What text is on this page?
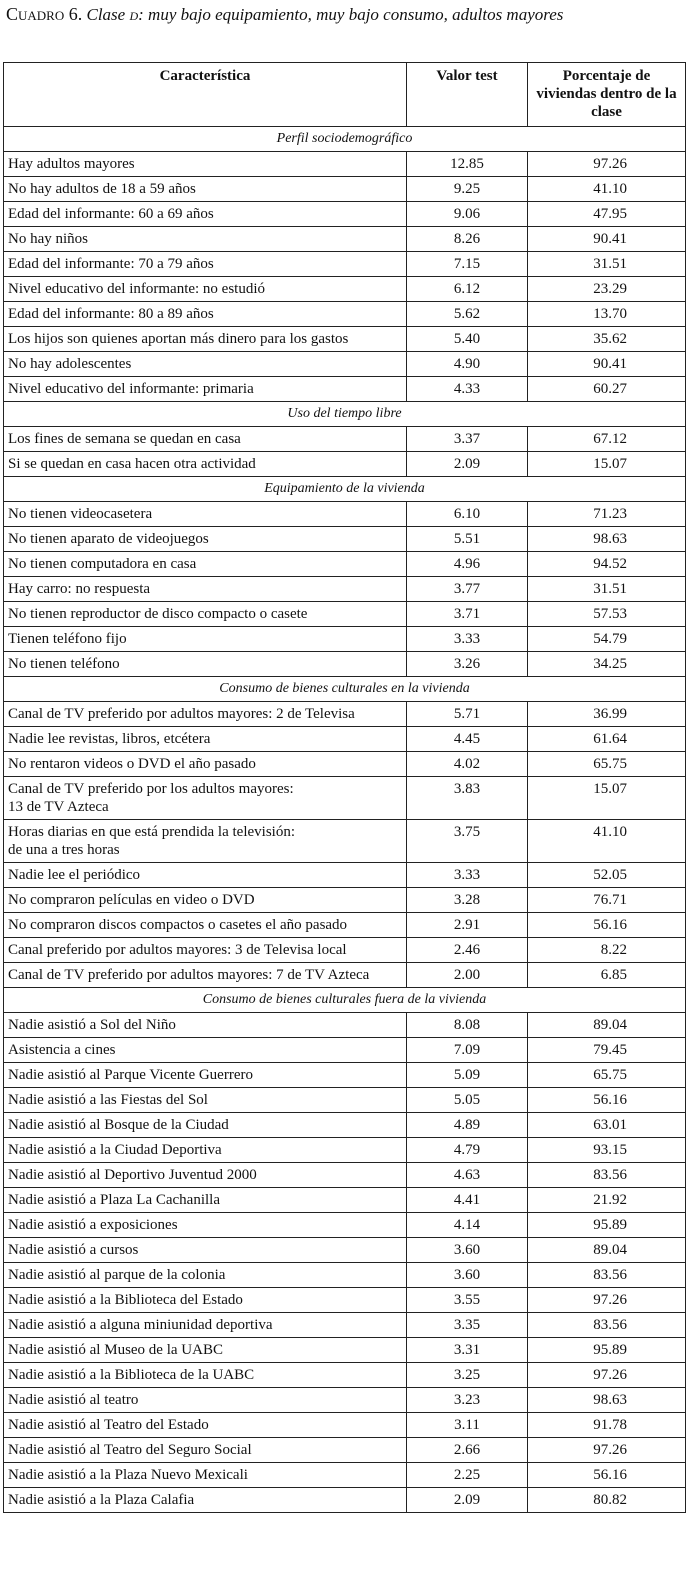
Cuadro 6. Clase d: muy bajo equipamiento, muy bajo consumo, adultos mayores
Característica	Valor test	Porcentaje de viviendas dentro de la clase
Perfil sociodemográfico		

Hay adultos mayores	12.85	97.26

No hay adultos de 18 a 59 años	9.25	41.10

Edad del informante: 60 a 69 años	9.06	47.95

No hay niños	8.26	90.41

Edad del informante: 70 a 79 años	7.15	31.51

Nivel educativo del informante: no estudió	6.12	23.29

Edad del informante: 80 a 89 años	5.62	13.70

Los hijos son quienes aportan más dinero para los gastos	5.40	35.62

No hay adolescentes	4.90	90.41

Nivel educativo del informante: primaria	4.33	60.27
Uso del tiempo libre		

Los fines de semana se quedan en casa	3.37	67.12

Si se quedan en casa hacen otra actividad	2.09	15.07
Equipamiento de la vivienda		

No tienen videocasetera	6.10	71.23

No tienen aparato de videojuegos	5.51	98.63

No tienen computadora en casa	4.96	94.52

Hay carro: no respuesta	3.77	31.51

No tienen reproductor de disco compacto o casete	3.71	57.53

Tienen teléfono fijo	3.33	54.79

No tienen teléfono	3.26	34.25
Consumo de bienes culturales en la vivienda		

Canal de TV preferido por adultos mayores: 2 de Televisa	5.71	36.99

Nadie lee revistas, libros, etcétera	4.45	61.64

No rentaron videos o DVD el año pasado	4.02	65.75

Canal de TV preferido por los adultos mayores:
13 de TV Azteca	3.83	15.07

Horas diarias en que está prendida la televisión:
de una a tres horas	3.75	41.10

Nadie lee el periódico	3.33	52.05

No compraron películas en video o DVD	3.28	76.71

No compraron discos compactos o casetes el año pasado	2.91	56.16

Canal preferido por adultos mayores: 3 de Televisa local	2.46	8.22

Canal de TV preferido por adultos mayores: 7 de TV Azteca	2.00	6.85
Consumo de bienes culturales fuera de la vivienda		

Nadie asistió a Sol del Niño	8.08	89.04

Asistencia a cines	7.09	79.45

Nadie asistió al Parque Vicente Guerrero	5.09	65.75

Nadie asistió a las Fiestas del Sol	5.05	56.16

Nadie asistió al Bosque de la Ciudad	4.89	63.01

Nadie asistió a la Ciudad Deportiva	4.79	93.15

Nadie asistió al Deportivo Juventud 2000	4.63	83.56

Nadie asistió a Plaza La Cachanilla	4.41	21.92

Nadie asistió a exposiciones	4.14	95.89

Nadie asistió a cursos	3.60	89.04

Nadie asistió al parque de la colonia	3.60	83.56

Nadie asistió a la Biblioteca del Estado	3.55	97.26

Nadie asistió a alguna miniunidad deportiva	3.35	83.56

Nadie asistió al Museo de la UABC	3.31	95.89

Nadie asistió a la Biblioteca de la UABC	3.25	97.26

Nadie asistió al teatro	3.23	98.63

Nadie asistió al Teatro del Estado	3.11	91.78

Nadie asistió al Teatro del Seguro Social	2.66	97.26

Nadie asistió a la Plaza Nuevo Mexicali	2.25	56.16

Nadie asistió a la Plaza Calafia	2.09	80.82
